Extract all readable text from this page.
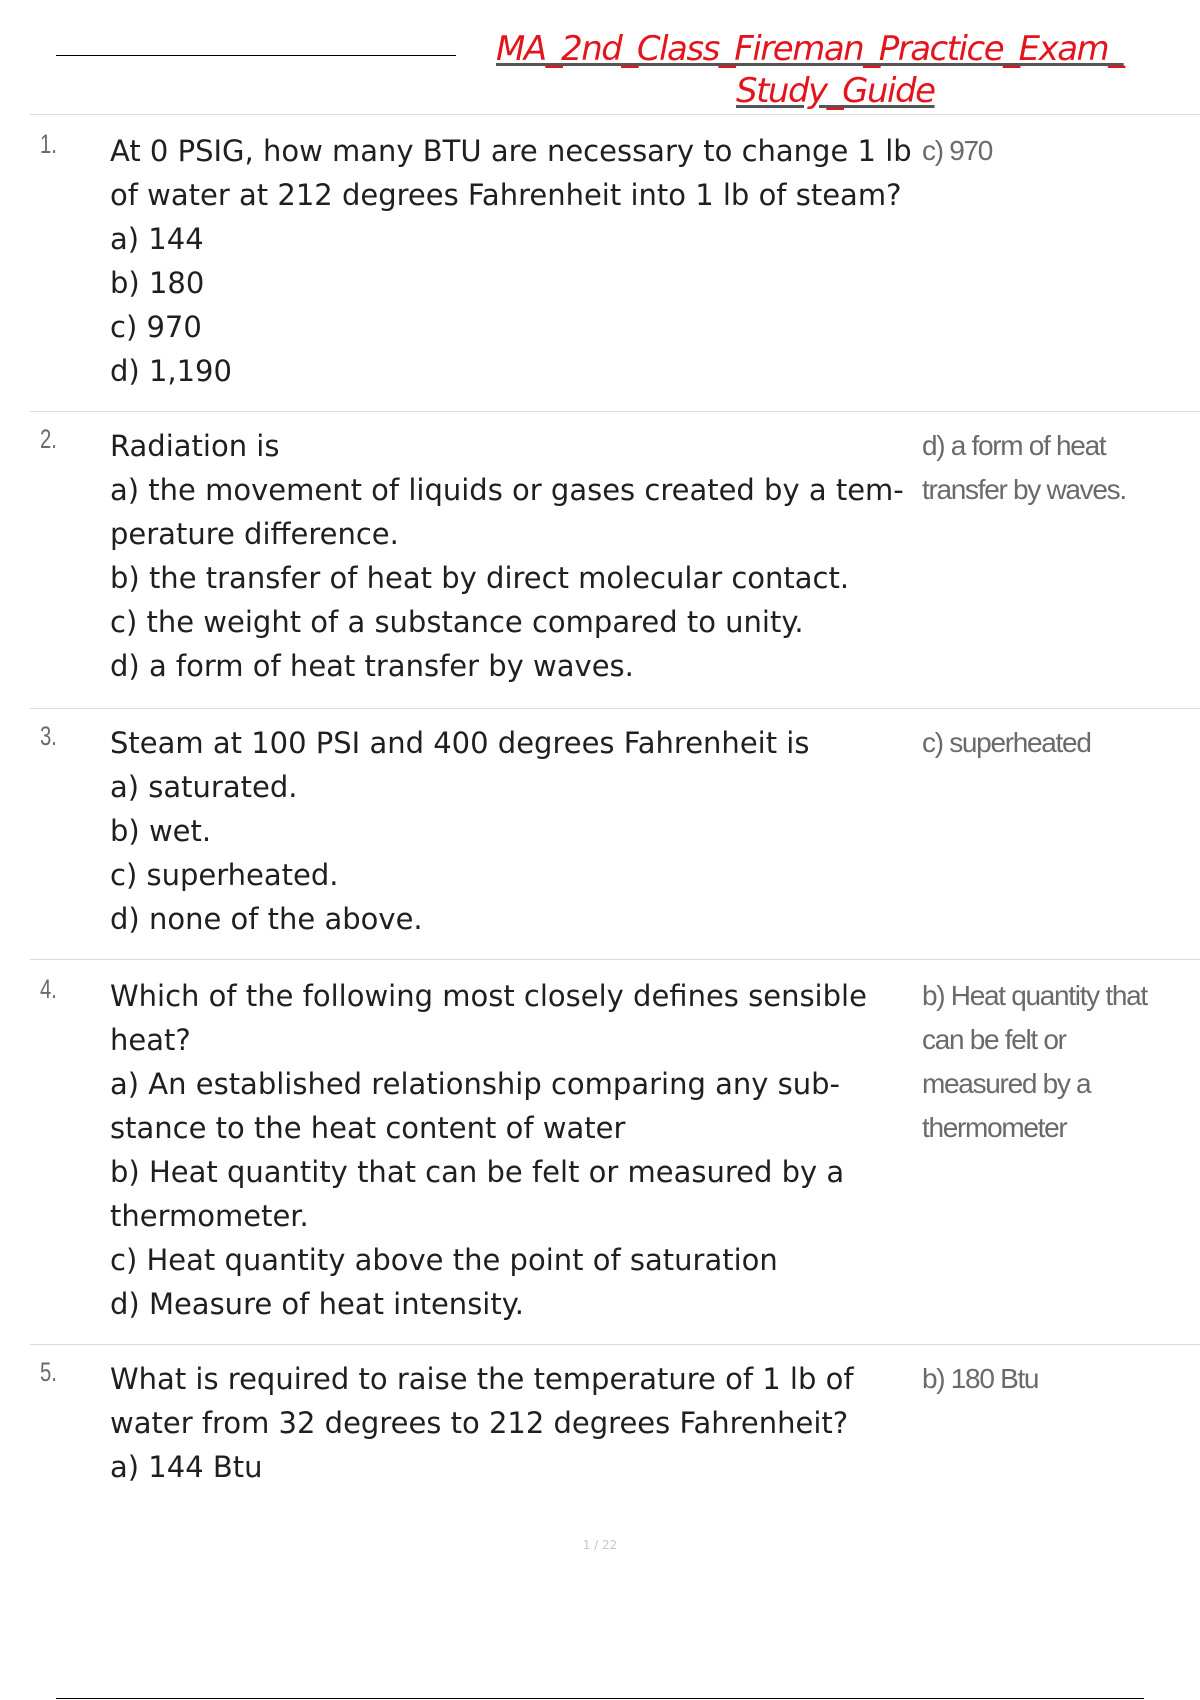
MA_2nd_Class_Fireman_Practice_Exam_
Study_Guide
1. At 0 PSIG, how many BTU are necessary to change 1 lb of water at 212 degrees Fahrenheit into 1 lb of steam?
a) 144
b) 180
c) 970
d) 1,190
c) 970
2. Radiation is
a) the movement of liquids or gases created by a tem- perature difference.
b) the transfer of heat by direct molecular contact.
c) the weight of a substance compared to unity.
d) a form of heat transfer by waves.
d) a form of heat transfer by waves.
3. Steam at 100 PSI and 400 degrees Fahrenheit is
a) saturated.
b) wet.
c) superheated.
d) none of the above.
c) superheated
4. Which of the following most closely defines sensible heat?
a) An established relationship comparing any sub- stance to the heat content of water
b) Heat quantity that can be felt or measured by a thermometer.
c) Heat quantity above the point of saturation
d) Measure of heat intensity.
b) Heat quantity that can be felt or measured by a thermometer
5. What is required to raise the temperature of 1 lb of water from 32 degrees to 212 degrees Fahrenheit?
a) 144 Btu
b) 180 Btu
1 / 22
